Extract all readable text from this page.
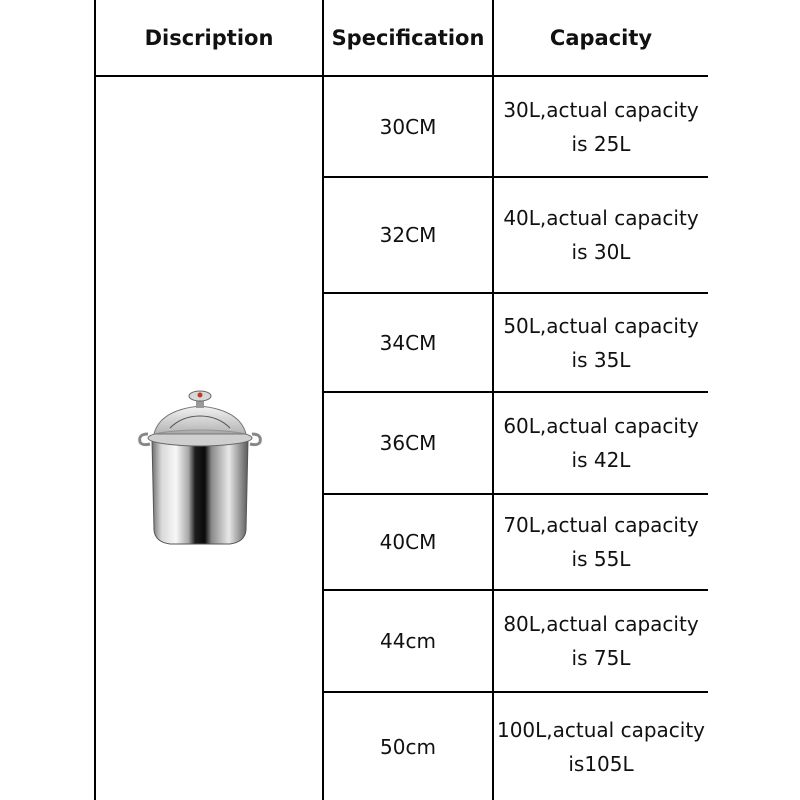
Discription	Specification	Capacity
30CM
30L,actual capacity
is 25L
32CM
40L,actual capacity
is 30L
34CM
50L,actual capacity
is 35L
36CM
60L,actual capacity
is 42L
40CM
70L,actual capacity
is 55L
44cm
80L,actual capacity
is 75L
50cm
100L,actual capacity
is105L
